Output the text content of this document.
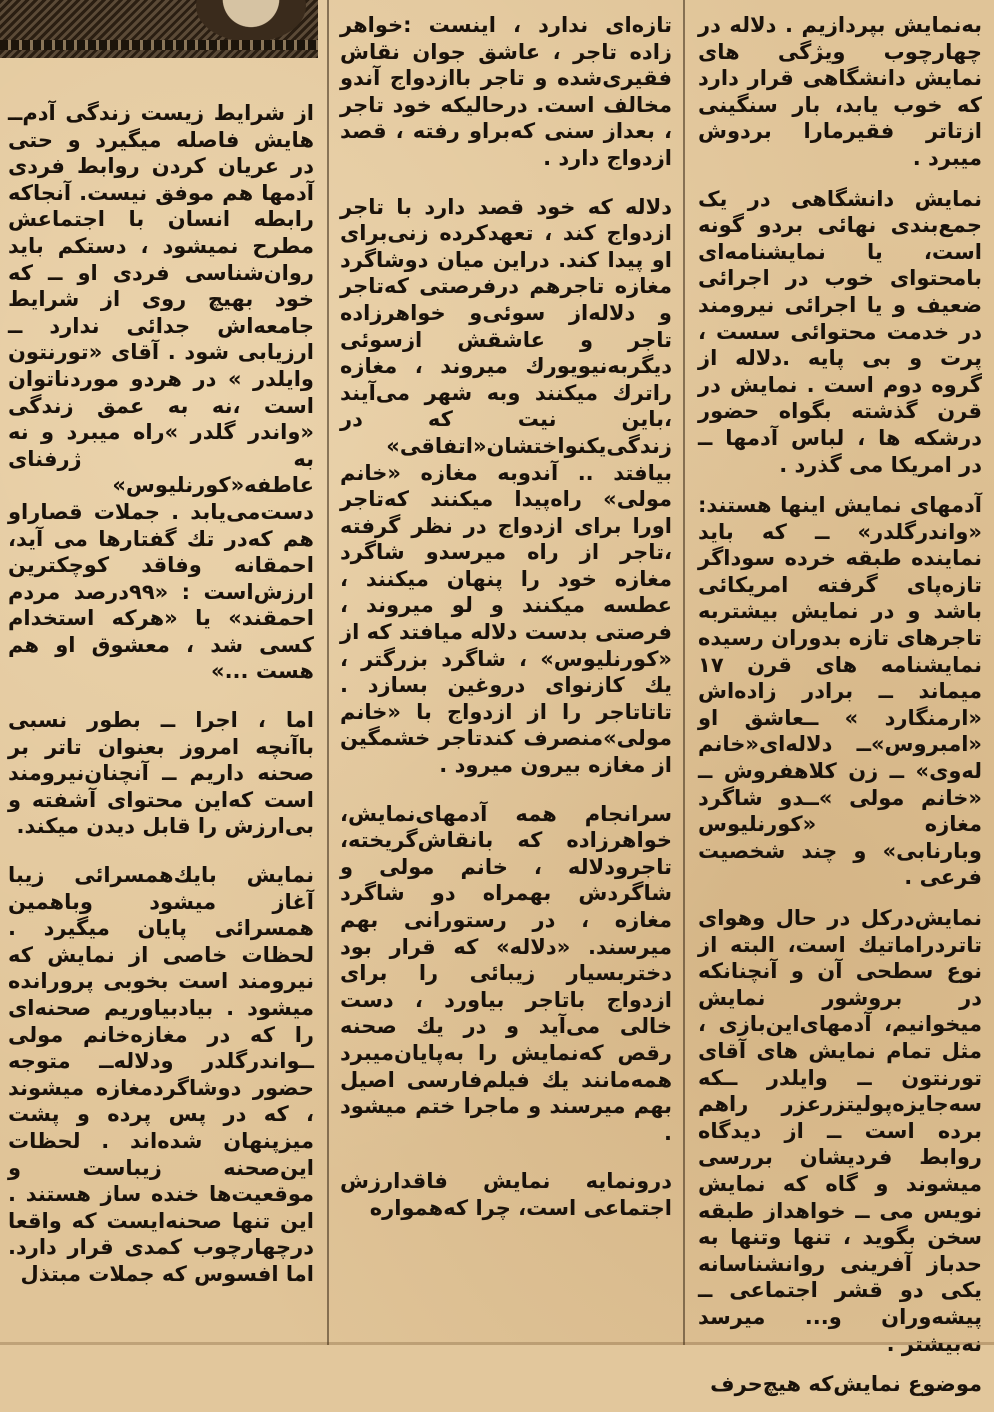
به‌نمایش بپردازیم . دلاله در چهارچوب ویژگی های نمایش دانشگاهی قرار دارد که خوب یابد، بار سنگینی ازتاتر فقیرمارا بردوش میبرد .

نمایش دانشگاهی در یک جمع‌بندی نهائی بردو گونه است، یا نمایشنامه‌ای بامحتوای خوب در اجرائی ضعیف و یا اجرائی نیرومند در خدمت محتوائی سست ، پرت و بی پایه .دلاله از گروه دوم است . نمایش در قرن گذشته‌ بگواه حضور درشکه ها ، لباس آدمها ــ در امریکا می‌ گذرد .

آدمهای نمایش اینها هستند: «واندرگلدر» ــ که باید نماینده طبقه خرده سوداگر تازه‌پای گرفته امریکائی باشد و در نمایش بیشتربه تاجرهای تازه بدوران رسیده نمایشنامه های قرن ۱۷ میماند ــ برادر زاده‌اش «ارمنگارد » ــعاشق او «امبروس»ــ دلاله‌ای«خانم له‌وی» ــ زن کلاهفروش ــ «خانم مولی »ــدو شاگرد مغازه «کورنلیوس وبارنابی» و چند شخصیت فرعی .

نمایش‌درکل در حال وهوای تاتردراماتیك است، البته از نوع سطحی آن و آنچنانکه در بروشور نمایش میخوانیم، آدمهای‌این‌بازی ، مثل تمام نمایش های آقای تورنتون ــ وایلدر ــکه سه‌جایزه‌پولیتزرعزر راهم برده است ــ از دیدگاه روابط فردیشان بررسی میشوند و گاه که نمایش نویس می ــ خواهداز طبقه سخن بگوید ، تنها وتنها به حدباز آفرینی روانشناسانه یکی دو قشر اجتماعی ــ پیشه‌وران و... میرسد نه‌بیشتر .

موضوع نمایش‌که هیچ‌حرف

تازه‌ای ندارد ، اینست :خواهر زاده تاجر ، عاشق جوان نقاش فقیری‌شده و تاجر بااز‌دواج آندو مخالف است. درحالیکه خود تاجر ، بعداز سنی که‌براو رفته ، قصد ازدواج دارد .

دلاله که خود قصد دارد با تاجر ازدواج کند ، تعهدکرده زنی‌برای او پیدا کند. دراین میان دوشاگرد مغازه تاجرهم درفرصتی که‌تاجر و دلاله‌از سوئی‌و خواهرزاده تاجر و عاشقش ازسوئی دیگربه‌نیویورك میروند ، مغازه راترك میکنند وبه شهر می‌آیند ،باین نیت که در زندگی‌یکنواختشان«اتفاقی» بیافتد .. آندوبه مغازه «خانم مولی» راه‌پیدا میکنند که‌تاجر اورا برای ازدواج در نظر گرفته ،تاجر از راه میرسدو شاگرد مغازه خود را پنهان میکنند ، عطسه میکنند و لو میروند ، فرصتی بدست دلاله میافتد که از «کورنلیوس» ، شاگرد بزرگتر ، یك کازنوای دروغین بسازد . تاتاتاجر را از ازدواج با «خانم مولی»منصرف کندتاجر خشمگین از مغازه بیرون میرود .

سرانجام همه آدمهای‌نمایش، خواهرزاده که بانقاش‌گریخته، تاجرودلاله ، خانم مولی و شاگردش بهمراه دو شاگرد مغازه ، در رستورانی بهم میرسند. «دلاله» که قرار بود دختربسیار زیبائی را برای ازدواج باتاجر بیاورد ، دست خالی می‌آید و در یك صحنه رقص که‌نمایش را به‌پایان‌میبرد همه‌مانند یك فیلم‌فارسی اصیل بهم میرسند و ماجرا ختم میشود .

درونمایه نمایش فاقدارزش اجتماعی است، چرا که‌همواره

از شرایط زیست زندگی آدم‌ــ هایش فاصله میگیرد و حتی در عریان کردن روابط فردی آدمها هم موفق نیست. آنجاکه رابطه انسان با اجتماعش مطرح نمیشود ، دستکم باید روان‌شناسی فردی او ــ که خود بهیچ روی از شرایط جامعه‌اش جدائی ندارد ــ ارزیابی شود . آقای «تورنتون وایلدر » در هردو موردناتوان است ،نه به عمق زندگی «واندر گلدر »راه میبرد و نه به ژرفنای عاطفه«کورنلیوس» دست‌می‌یابد . جملات قصاراو هم که‌در تك گفتارها می‌ آید، احمقانه وفاقد کوچکترین ارزش‌است : «۹۹درصد مردم احمقند» یا «هرکه استخدام کسی شد ، معشوق او هم هست ...»

اما ، اجرا ــ بطور نسبی باآنچه امروز بعنوان تاتر بر صحنه داریم ــ آنچنان‌نیرومند است که‌این محتوای آشفته و بی‌ارزش را قابل دیدن میکند.

نمایش بایك‌همسرائی زیبا آغاز میشود وباهمین همسرائی پایان میگیرد . لحظات خاصی از نمایش که نیرومند است بخوبی پرورانده میشود . بیادبیاوریم صحنه‌ای را که در مغازه‌خانم مولی ــواندرگلدر ودلاله‌ــ متوجه حضور دوشاگردمغازه میشوند ، که در پس پرده و پشت میزپنهان شده‌اند . لحظات این‌صحنه زیباست و موقعیت‌ها خنده ساز هستند . این تنها صحنه‌ایست که واقعا درچهارچوب کمدی قرار دارد. اما افسوس که جملات مبتذل
